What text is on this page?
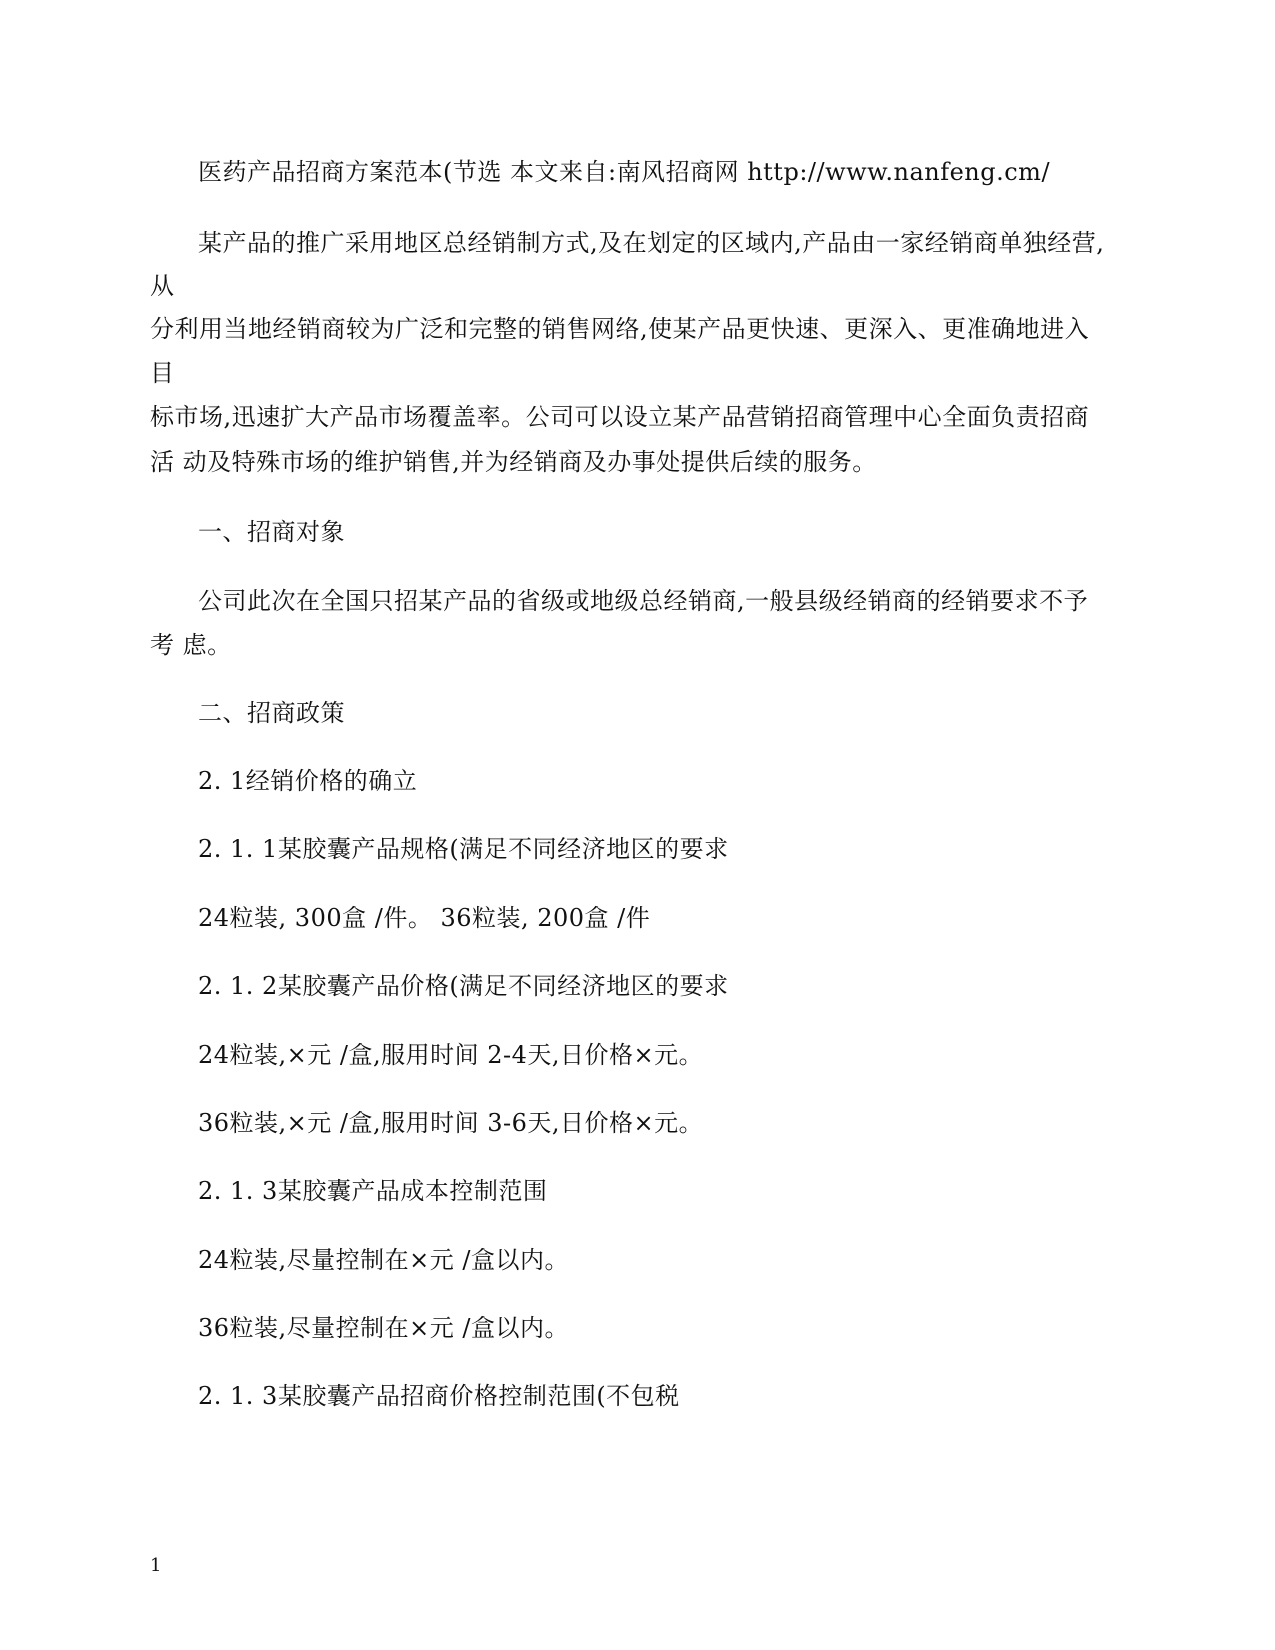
医药产品招商方案范本(节选 本文来自:南风招商网 http://www.nanfeng.cm/
某产品的推广采用地区总经销制方式,及在划定的区域内,产品由一家经销商单独经营,
从
分利用当地经销商较为广泛和完整的销售网络,使某产品更快速、更深入、更准确地进入
目
标市场,迅速扩大产品市场覆盖率。公司可以设立某产品营销招商管理中心全面负责招商
活 动及特殊市场的维护销售,并为经销商及办事处提供后续的服务。
一、招商对象
公司此次在全国只招某产品的省级或地级总经销商,一般县级经销商的经销要求不予
考 虑。
二、招商政策
2. 1经销价格的确立
2. 1. 1某胶囊产品规格(满足不同经济地区的要求
24粒装, 300盒 /件。 36粒装, 200盒 /件
2. 1. 2某胶囊产品价格(满足不同经济地区的要求
24粒装,×元 /盒,服用时间 2-4天,日价格×元。
36粒装,×元 /盒,服用时间 3-6天,日价格×元。
2. 1. 3某胶囊产品成本控制范围
24粒装,尽量控制在×元 /盒以内。
36粒装,尽量控制在×元 /盒以内。
2. 1. 3某胶囊产品招商价格控制范围(不包税
1
